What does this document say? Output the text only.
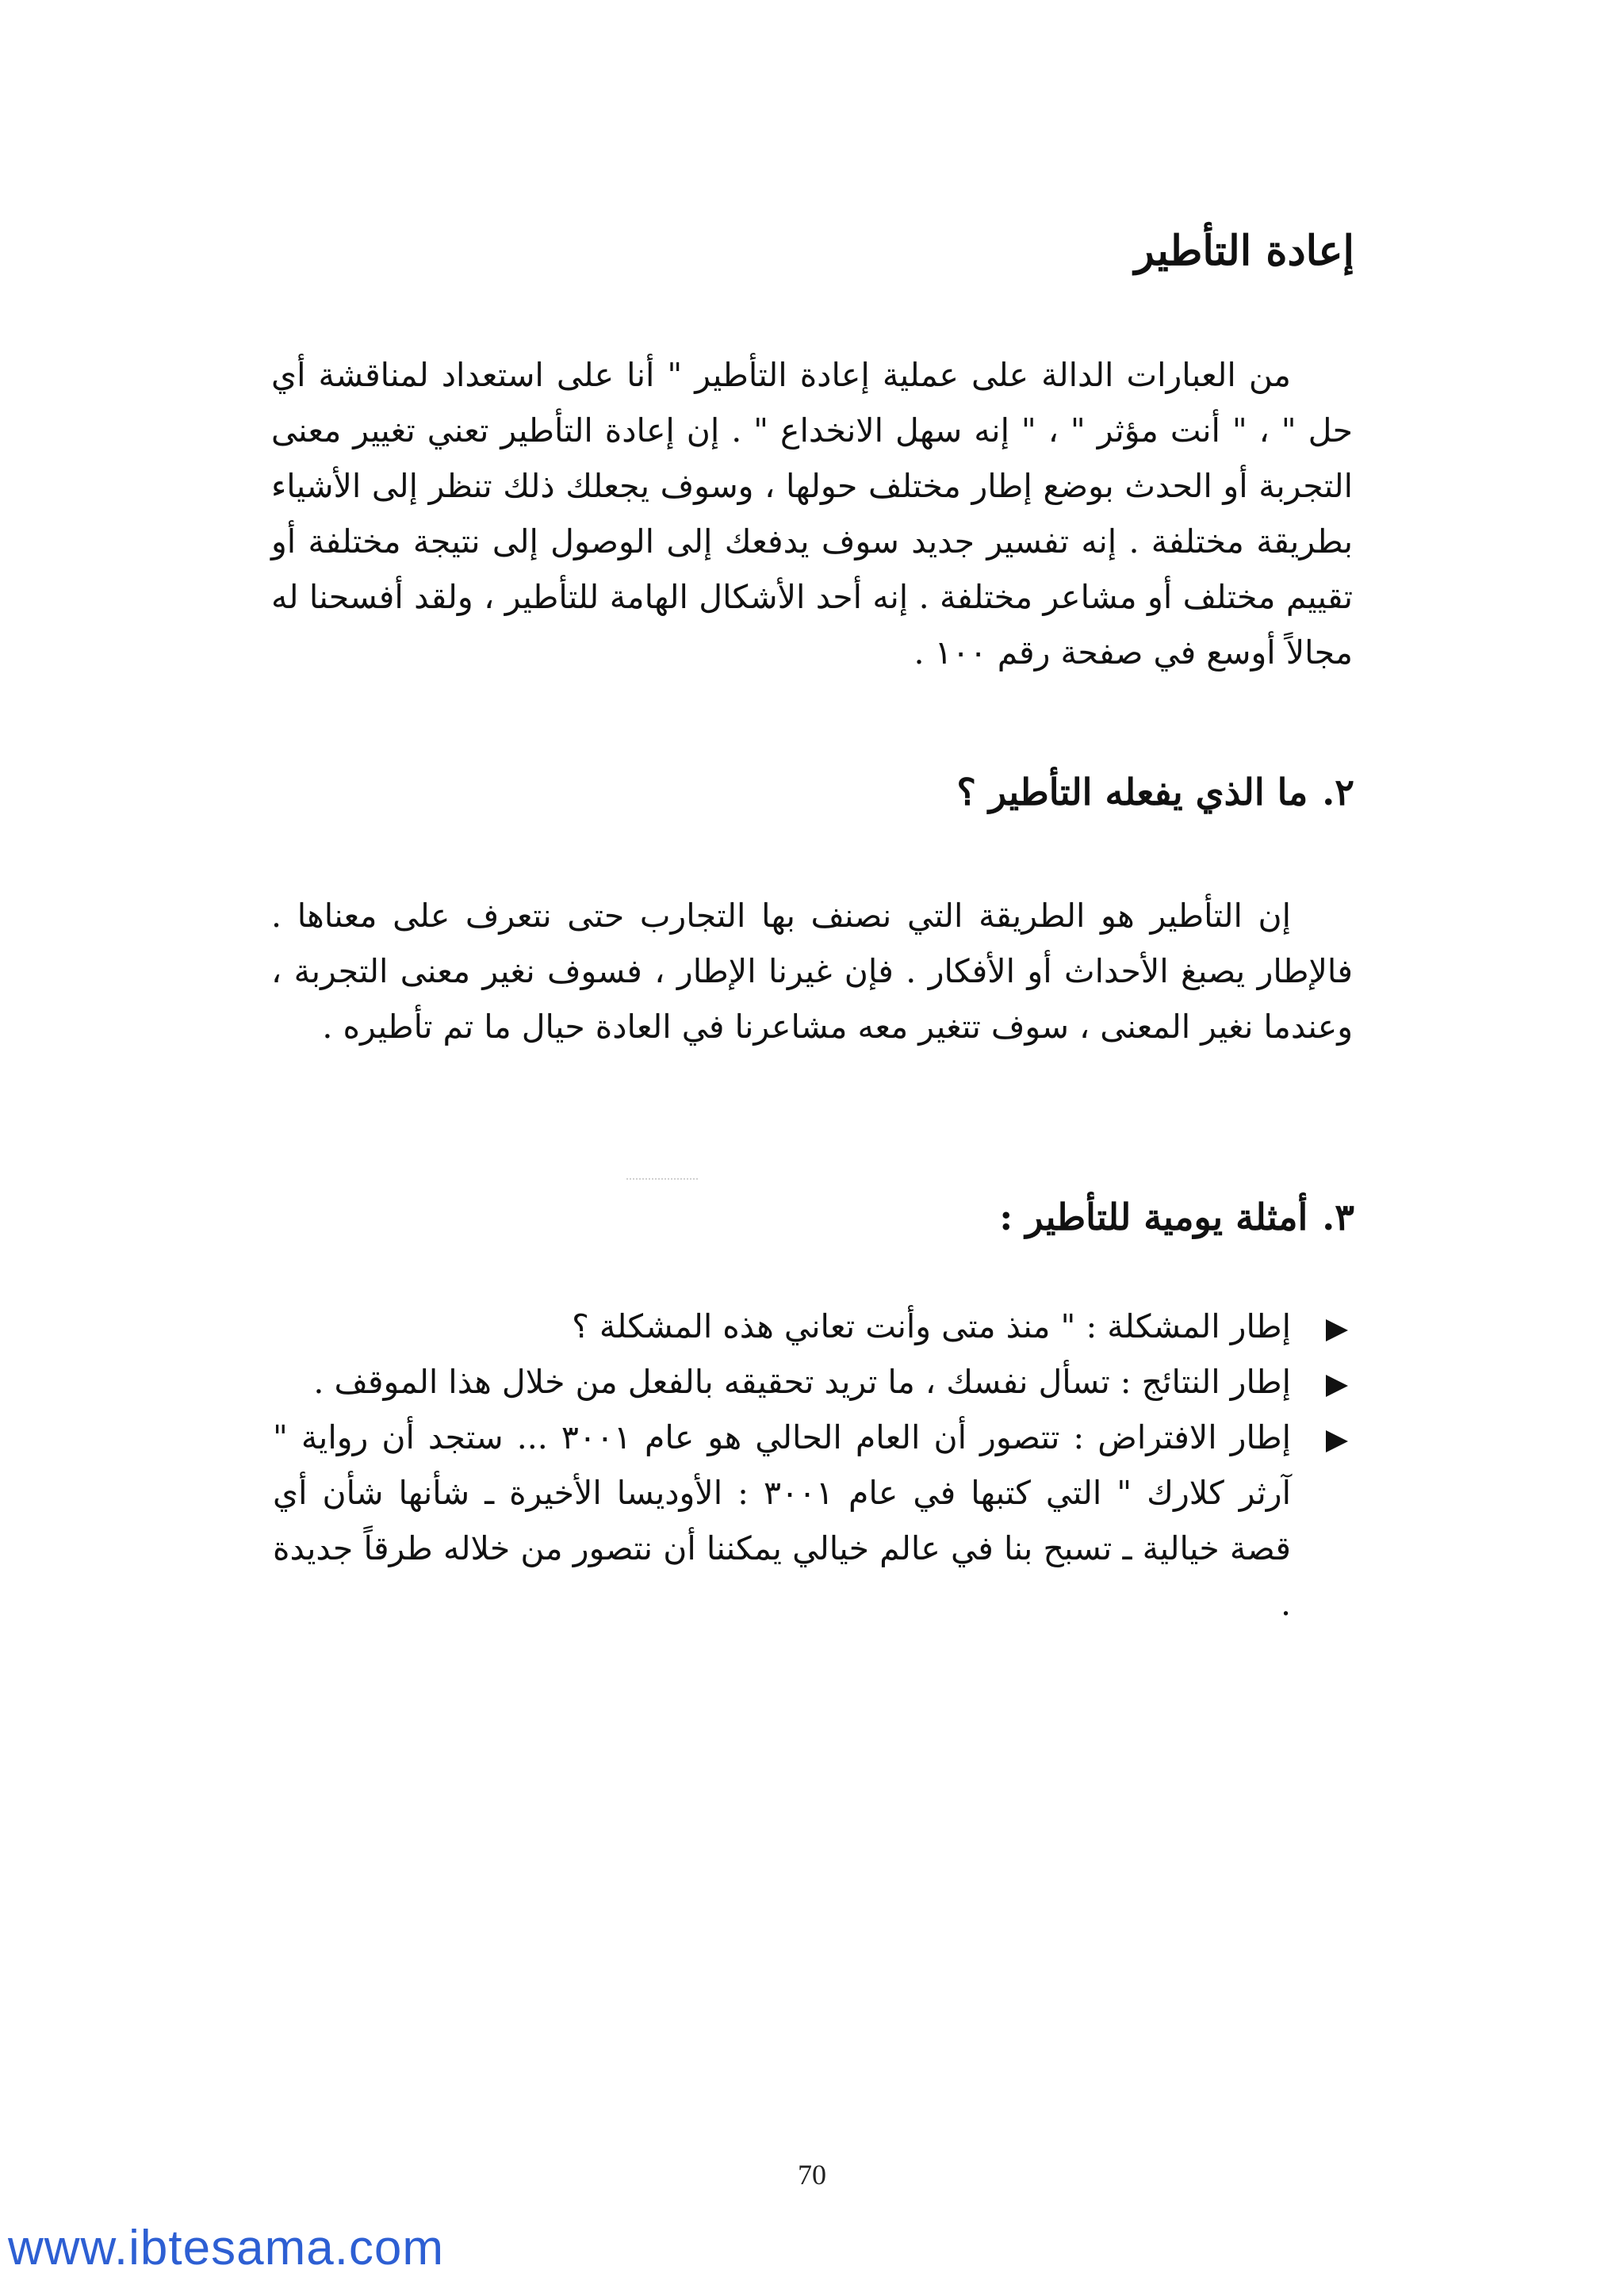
إعادة التأطير

من العبارات الدالة على عملية إعادة التأطير " أنا على استعداد لمناقشة أي حل " ، " أنت مؤثر " ، " إنه سهل الانخداع " . إن إعادة التأطير تعني تغيير معنى التجربة أو الحدث بوضع إطار مختلف حولها ، وسوف يجعلك ذلك تنظر إلى الأشياء بطريقة مختلفة . إنه تفسير جديد سوف يدفعك إلى الوصول إلى نتيجة مختلفة أو تقييم مختلف أو مشاعر مختلفة . إنه أحد الأشكال الهامة للتأطير ، ولقد أفسحنا له مجالاً أوسع في صفحة رقم ١٠٠ .

٢.ما الذي يفعله التأطير ؟

إن التأطير هو الطريقة التي نصنف بها التجارب حتى نتعرف على معناها . فالإطار يصبغ الأحداث أو الأفكار . فإن غيرنا الإطار ، فسوف نغير معنى التجربة ، وعندما نغير المعنى ، سوف تتغير معه مشاعرنا في العادة حيال ما تم تأطيره .

٣.أمثلة يومية للتأطير :
إطار المشكلة : " منذ متى وأنت تعاني هذه المشكلة ؟
إطار النتائج : تسأل نفسك ، ما تريد تحقيقه بالفعل من خلال هذا الموقف .
إطار الافتراض : تتصور أن العام الحالي هو عام ٣٠٠١ ... ستجد أن رواية " آرثر كلارك " التي كتبها في عام ٣٠٠١ : الأوديسا الأخيرة ـ شأنها شأن أي قصة خيالية ـ تسبح بنا في عالم خيالي يمكننا أن نتصور من خلاله طرقاً جديدة .
70
www.ibtesama.com
